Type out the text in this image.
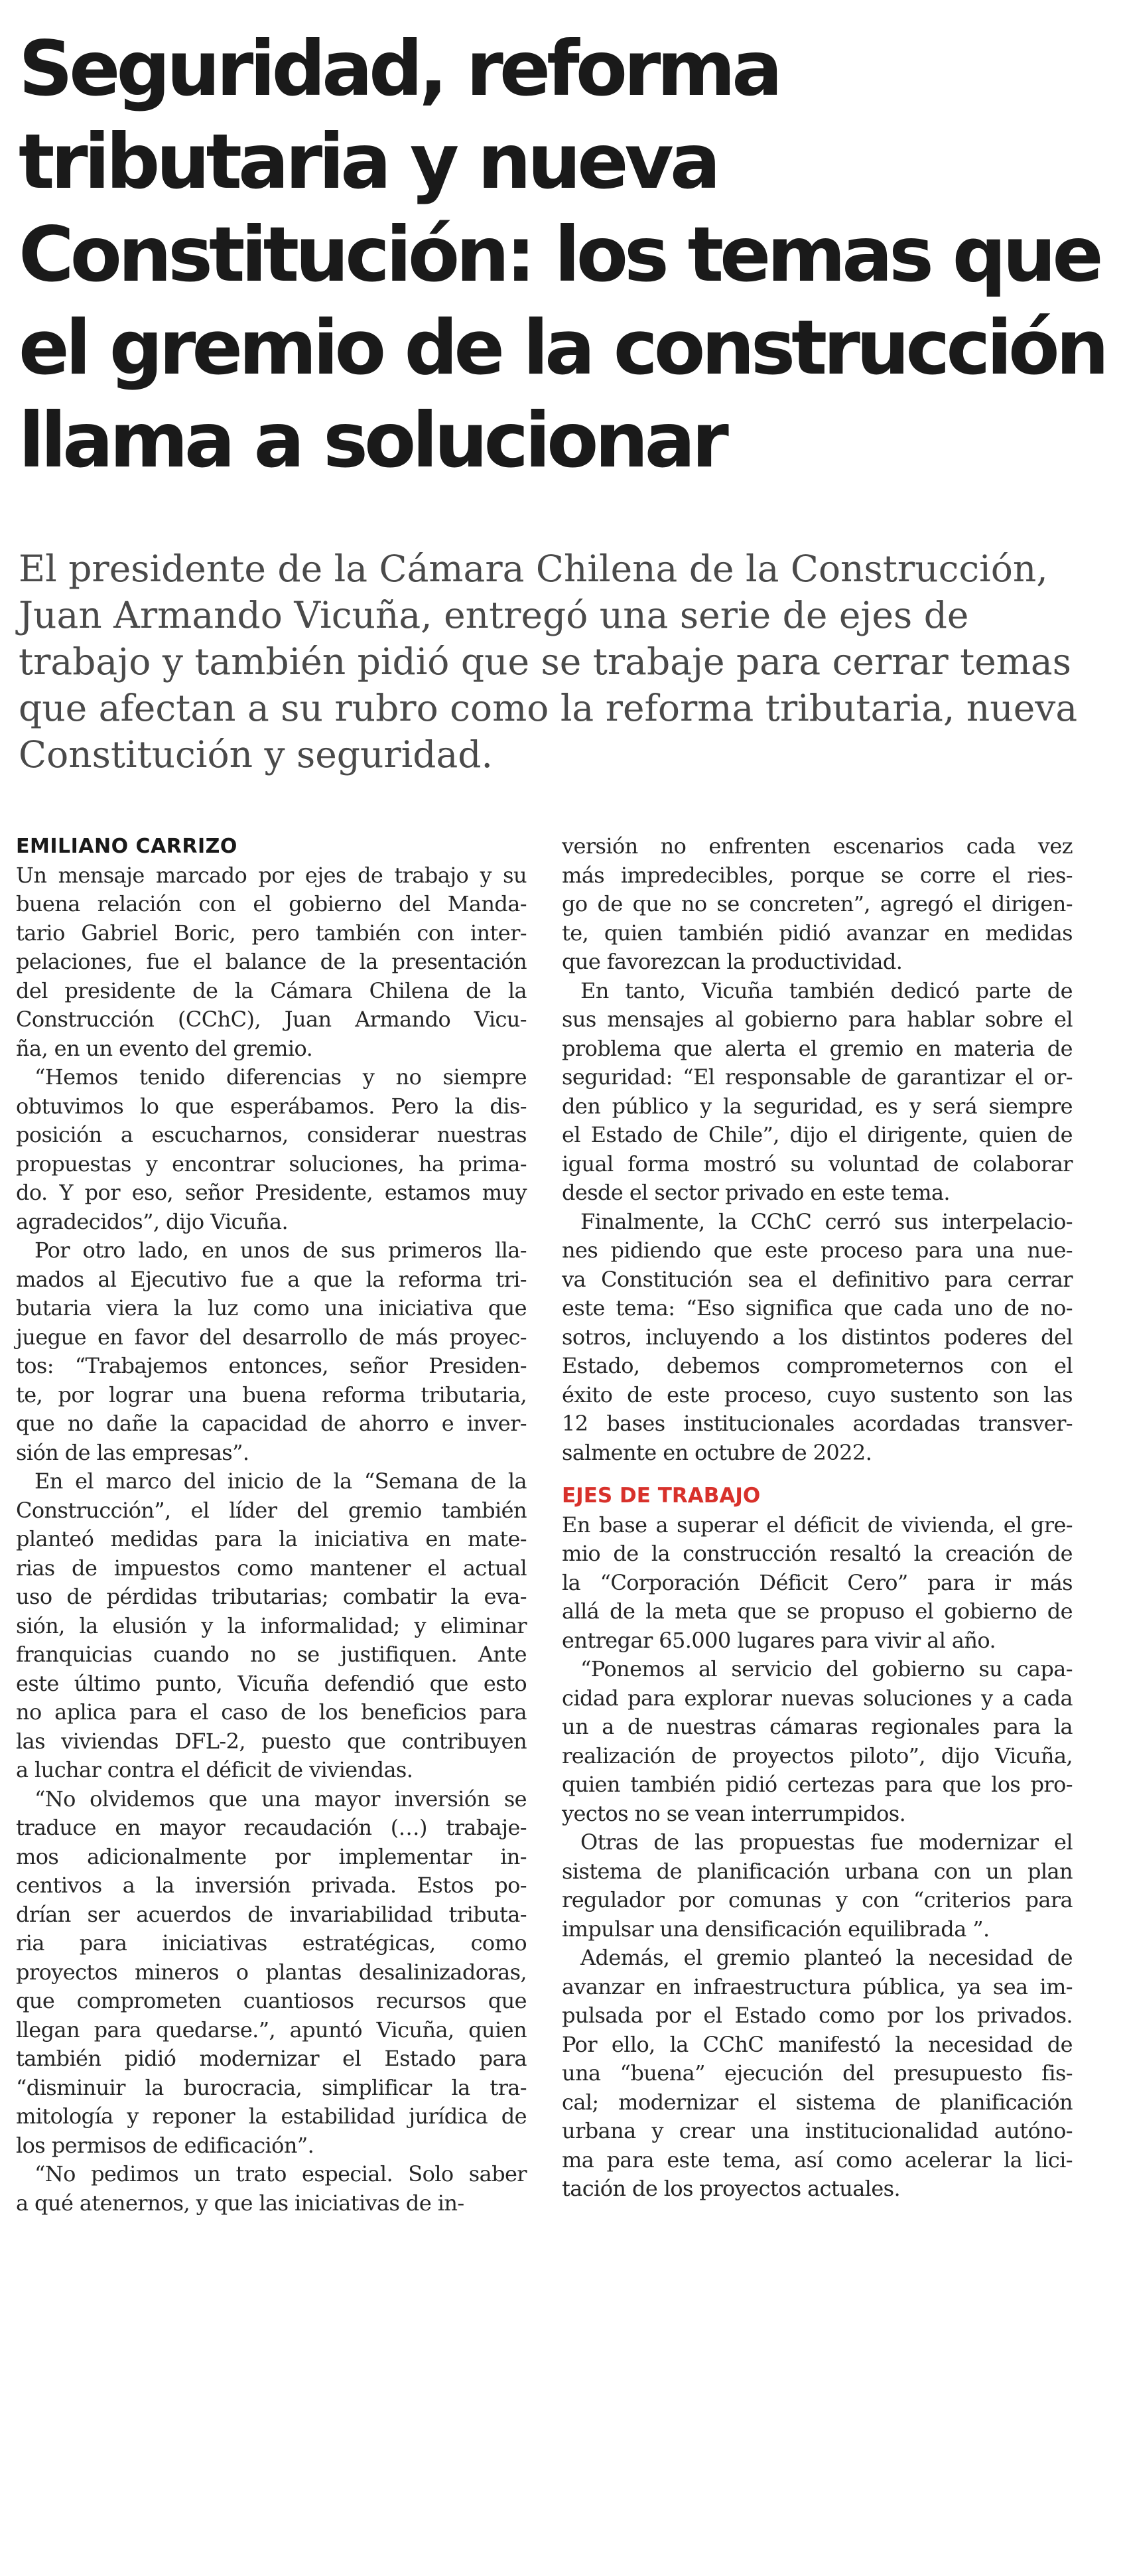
Seguridad, reforma
tributaria y nueva
Constitución: los temas que
el gremio de la construcción
llama a solucionar

El presidente de la Cámara Chilena de la Construcción,
Juan Armando Vicuña, entregó una serie de ejes de
trabajo y también pidió que se trabaje para cerrar temas
que afectan a su rubro como la reforma tributaria, nueva
Constitución y seguridad.

EMILIANO CARRIZO
Un mensaje marcado por ejes de trabajo y su
buena relación con el gobierno del Manda-
tario Gabriel Boric, pero también con inter-
pelaciones, fue el balance de la presentación
del presidente de la Cámara Chilena de la
Construcción (CChC), Juan Armando Vicu-
ña, en un evento del gremio.
“Hemos tenido diferencias y no siempre
obtuvimos lo que esperábamos. Pero la dis-
posición a escucharnos, considerar nuestras
propuestas y encontrar soluciones, ha prima-
do. Y por eso, señor Presidente, estamos muy
agradecidos”, dijo Vicuña.
Por otro lado, en unos de sus primeros lla-
mados al Ejecutivo fue a que la reforma tri-
butaria viera la luz como una iniciativa que
juegue en favor del desarrollo de más proyec-
tos: “Trabajemos entonces, señor Presiden-
te, por lograr una buena reforma tributaria,
que no dañe la capacidad de ahorro e inver-
sión de las empresas”.
En el marco del inicio de la “Semana de la
Construcción”, el líder del gremio también
planteó medidas para la iniciativa en mate-
rias de impuestos como mantener el actual
uso de pérdidas tributarias; combatir la eva-
sión, la elusión y la informalidad; y eliminar
franquicias cuando no se justifiquen. Ante
este último punto, Vicuña defendió que esto
no aplica para el caso de los beneficios para
las viviendas DFL-2, puesto que contribuyen
a luchar contra el déficit de viviendas.
“No olvidemos que una mayor inversión se
traduce en mayor recaudación (…) trabaje-
mos adicionalmente por implementar in-
centivos a la inversión privada. Estos po-
drían ser acuerdos de invariabilidad tributa-
ria para iniciativas estratégicas, como
proyectos mineros o plantas desalinizadoras,
que comprometen cuantiosos recursos que
llegan para quedarse.”, apuntó Vicuña, quien
también pidió modernizar el Estado para
“disminuir la burocracia, simplificar la tra-
mitología y reponer la estabilidad jurídica de
los permisos de edificación”.
“No pedimos un trato especial. Solo saber
a qué atenernos, y que las iniciativas de in-
versión no enfrenten escenarios cada vez
más impredecibles, porque se corre el ries-
go de que no se concreten”, agregó el dirigen-
te, quien también pidió avanzar en medidas
que favorezcan la productividad.
En tanto, Vicuña también dedicó parte de
sus mensajes al gobierno para hablar sobre el
problema que alerta el gremio en materia de
seguridad: “El responsable de garantizar el or-
den público y la seguridad, es y será siempre
el Estado de Chile”, dijo el dirigente, quien de
igual forma mostró su voluntad de colaborar
desde el sector privado en este tema.
Finalmente, la CChC cerró sus interpelacio-
nes pidiendo que este proceso para una nue-
va Constitución sea el definitivo para cerrar
este tema: “Eso significa que cada uno de no-
sotros, incluyendo a los distintos poderes del
Estado, debemos comprometernos con el
éxito de este proceso, cuyo sustento son las
12 bases institucionales acordadas transver-
salmente en octubre de 2022.
EJES DE TRABAJO
En base a superar el déficit de vivienda, el gre-
mio de la construcción resaltó la creación de
la “Corporación Déficit Cero” para ir más
allá de la meta que se propuso el gobierno de
entregar 65.000 lugares para vivir al año.
“Ponemos al servicio del gobierno su capa-
cidad para explorar nuevas soluciones y a cada
un a de nuestras cámaras regionales para la
realización de proyectos piloto”, dijo Vicuña,
quien también pidió certezas para que los pro-
yectos no se vean interrumpidos.
Otras de las propuestas fue modernizar el
sistema de planificación urbana con un plan
regulador por comunas y con “criterios para
impulsar una densificación equilibrada ”.
Además, el gremio planteó la necesidad de
avanzar en infraestructura pública, ya sea im-
pulsada por el Estado como por los privados.
Por ello, la CChC manifestó la necesidad de
una “buena” ejecución del presupuesto fis-
cal; modernizar el sistema de planificación
urbana y crear una institucionalidad autóno-
ma para este tema, así como acelerar la lici-
tación de los proyectos actuales.
